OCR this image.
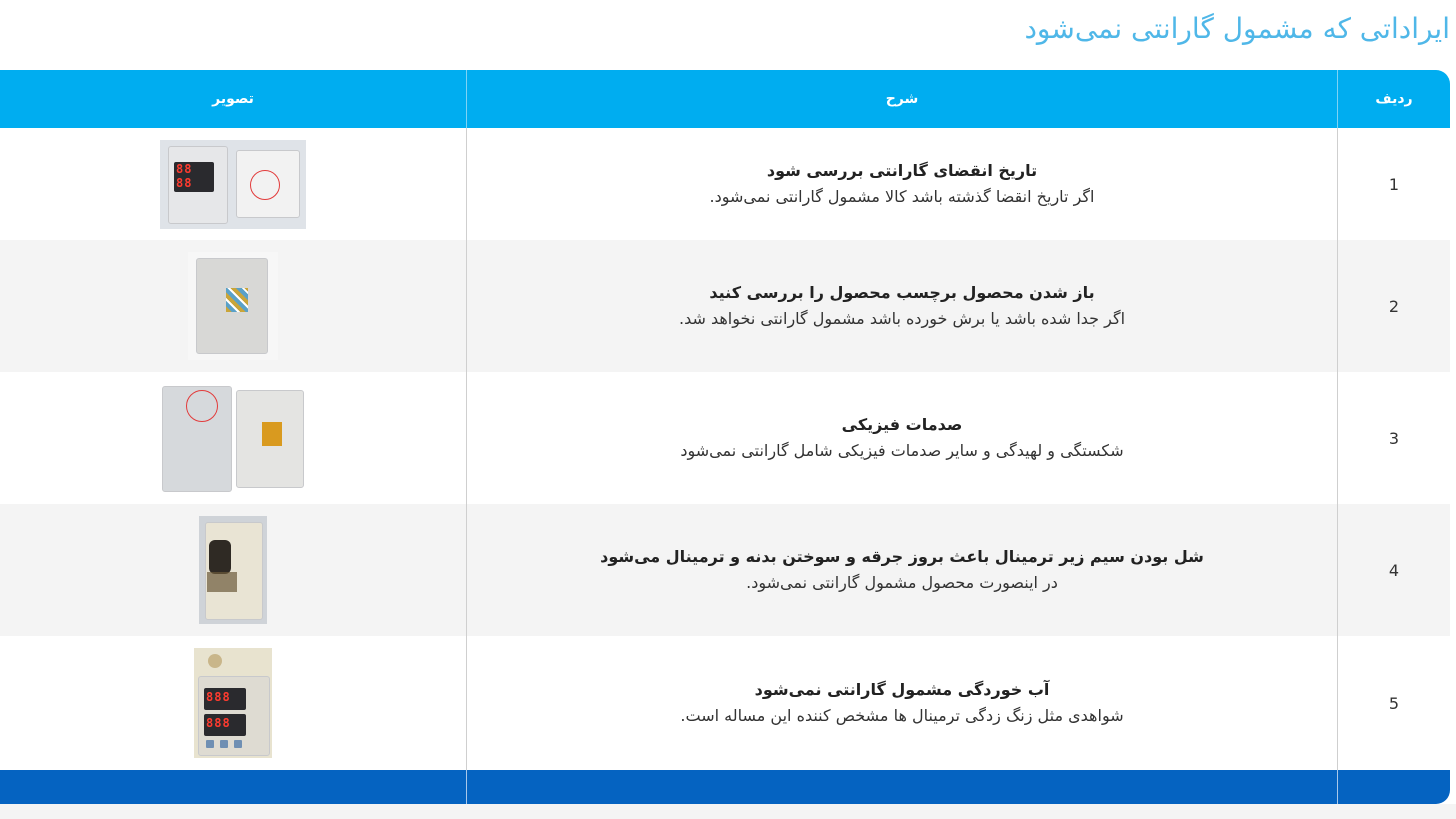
ایراداتی که مشمول گارانتی نمی‌شود
ردیف
شرح
تصویر
1
تاریخ انقضای گارانتی بررسی شود
اگر تاریخ انقضا گذشته باشد کالا مشمول گارانتی نمی‌شود.
88
88
2
باز شدن محصول برچسب محصول را بررسی کنید
اگر جدا شده باشد یا برش خورده باشد مشمول گارانتی نخواهد شد.
3
صدمات فیزیکی
شکستگی و لهیدگی و سایر صدمات فیزیکی شامل گارانتی نمی‌شود
4
شل بودن سیم زیر ترمینال باعث بروز جرقه و سوختن بدنه و ترمینال می‌شود
در اینصورت محصول مشمول گارانتی نمی‌شود.
5
آب خوردگی مشمول گارانتی نمی‌شود
شواهدی مثل زنگ زدگی ترمینال ها مشخص کننده این مساله است.
888
888
